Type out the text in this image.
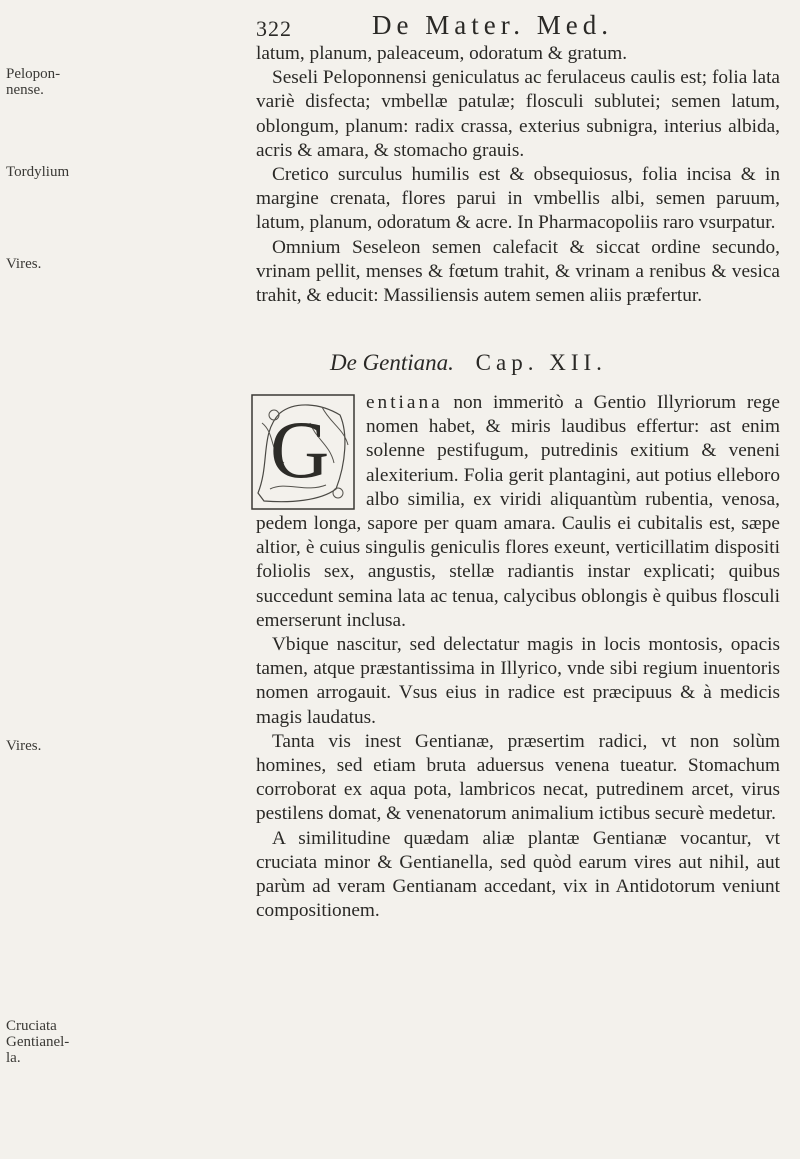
322	De Mater. Med.
Pelopon-nense.
Tordylium
Vires.

latum, planum, paleaceum, odoratum & gratum.

Seseli Peloponnensi geniculatus ac ferulaceus caulis est; folia lata variè disfecta; vmbellæ patulæ; flosculi sublutei; semen latum, oblongum, planum: radix crassa, exterius subnigra, interius albida, acris & amara, & stomacho grauis.

Cretico surculus humilis est & obsequiosus, folia incisa & in margine crenata, flores parui in vmbellis albi, semen paruum, latum, planum, odoratum & acre. In Pharmacopoliis raro vsurpatur.

Omnium Seseleon semen calefacit & siccat ordine secundo, vrinam pellit, menses & fœtum trahit, & vrinam a renibus & vesica trahit, & educit: Massiliensis autem semen aliis præfertur.

De Gentiana. Cap. XII.
Vires.
Cruciata Gentianel-la.

G
entiana non immeritò a Gentio Illyriorum rege nomen habet, & miris laudibus effertur: ast enim solenne pestifugum, putredinis exitium & veneni alexiterium. Folia gerit plantagini, aut potius elleboro albo similia, ex viridi aliquantùm rubentia, venosa, pedem longa, sapore per quam amara. Caulis ei cubitalis est, sæpe altior, è cuius singulis geniculis flores exeunt, verticillatim dispositi foliolis sex, angustis, stellæ radiantis instar explicati; quibus succedunt semina lata ac tenua, calycibus oblongis è quibus flosculi emerserunt inclusa.

Vbique nascitur, sed delectatur magis in locis montosis, opacis tamen, atque præstantissima in Illyrico, vnde sibi regium inuentoris nomen arrogauit. Vsus eius in radice est præcipuus & à medicis magis laudatus.

Tanta vis inest Gentianæ, præsertim radici, vt non solùm homines, sed etiam bruta aduersus venena tueatur. Stomachum corroborat ex aqua pota, lambricos necat, putredinem arcet, virus pestilens domat, & venenatorum animalium ictibus securè medetur.

A similitudine quædam aliæ plantæ Gentianæ vocantur, vt cruciata minor & Gentianella, sed quòd earum vires aut nihil, aut parùm ad veram Gentianam accedant, vix in Antidotorum veniunt compositionem.
